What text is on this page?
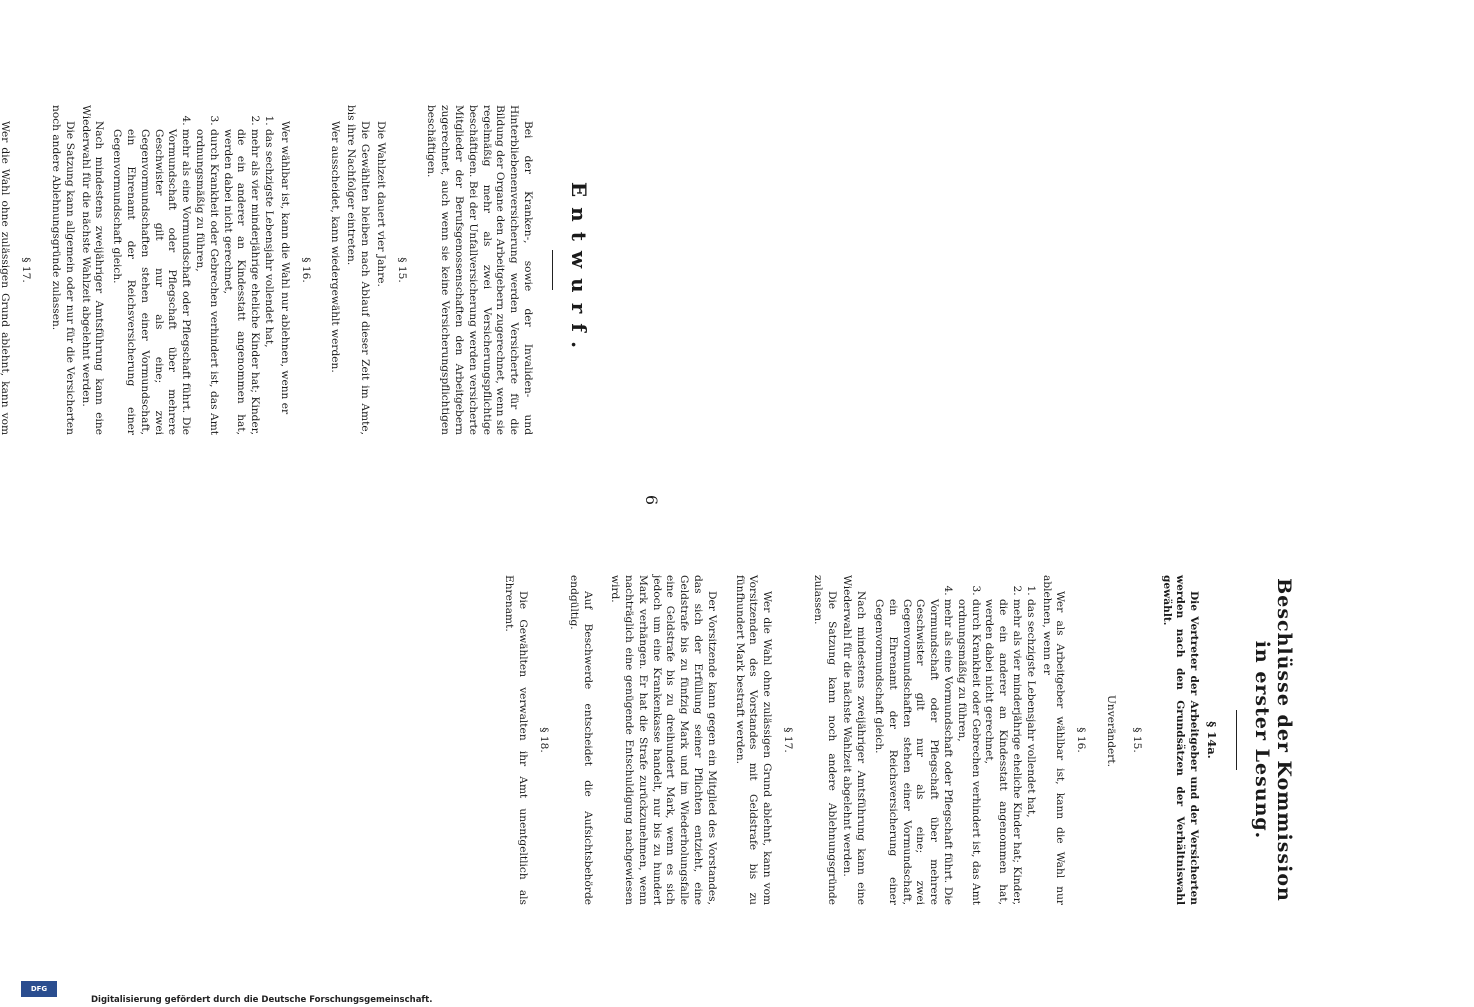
6
Entwurf.

Bei der Kranken-, sowie der Invaliden- und Hinterbliebenenversicherung werden Versicherte für die Bildung der Organe den Arbeitgebern zugerechnet, wenn sie regelmäßig mehr als zwei Versicherungspflichtige beschäftigen. Bei der Unfallversicherung werden versicherte Mitglieder der Berufsgenossenschaften den Arbeitgebern zugerechnet, auch wenn sie keine Versicherungspflichtigen beschäftigen.

§ 15.

Die Wahlzeit dauert vier Jahre.

Die Gewählten bleiben nach Ablauf dieser Zeit im Amte, bis ihre Nachfolger eintreten.

Wer ausscheidet, kann wiedergewählt werden.

§ 16.

Wer wählbar ist, kann die Wahl nur ablehnen, wenn er

1. das sechzigste Lebensjahr vollendet hat,
2. mehr als vier minderjährige eheliche Kinder hat; Kinder, die ein anderer an Kindesstatt angenommen hat, werden dabei nicht gerechnet,
3. durch Krankheit oder Gebrechen verhindert ist, das Amt ordnungsmäßig zu führen,
4. mehr als eine Vormundschaft oder Pflegschaft führt. Die Vormundschaft oder Pflegschaft über mehrere Geschwister gilt nur als eine; zwei Gegenvormundschaften stehen einer Vormundschaft, ein Ehrenamt der Reichsversicherung einer Gegenvormundschaft gleich.

Nach mindestens zweijähriger Amtsführung kann eine Wiederwahl für die nächste Wahlzeit abgelehnt werden.

Die Satzung kann allgemein oder nur für die Versicherten noch andere Ablehnungsgründe zulassen.

§ 17.

Wer die Wahl ohne zulässigen Grund ablehnt, kann vom

Beschlüsse der Kommission in erster Lesung.

§ 14a.

Die Vertreter der Arbeitgeber und der Versicherten werden nach den Grundsätzen der Verhältniswahl gewählt.

§ 15.

Unverändert.

§ 16.

Wer als Arbeitgeber wählbar ist, kann die Wahl nur ablehnen, wenn er

1. das sechzigste Lebensjahr vollendet hat,
2. mehr als vier minderjährige eheliche Kinder hat; Kinder, die ein anderer an Kindesstatt angenommen hat, werden dabei nicht gerechnet,
3. durch Krankheit oder Gebrechen verhindert ist, das Amt ordnungsmäßig zu führen,
4. mehr als eine Vormundschaft oder Pflegschaft führt. Die Vormundschaft oder Pflegschaft über mehrere Geschwister gilt nur als eine; zwei Gegenvormundschaften stehen einer Vormundschaft, ein Ehrenamt der Reichsversicherung einer Gegenvormundschaft gleich.

Nach mindestens zweijähriger Amtsführung kann eine Wiederwahl für die nächste Wahlzeit abgelehnt werden.

Die Satzung kann noch andere Ablehnungsgründe zulassen.

§ 17.

Wer die Wahl ohne zulässigen Grund ablehnt, kann vom Vorsitzenden des Vorstandes mit Geldstrafe bis zu fünfhundert Mark bestraft werden.

Der Vorsitzende kann gegen ein Mitglied des Vorstandes, das sich der Erfüllung seiner Pflichten entzieht, eine Geldstrafe bis zu fünfzig Mark und im Wiederholungsfalle eine Geldstrafe bis zu dreihundert Mark, wenn es sich jedoch um eine Krankenkasse handelt, nur bis zu hundert Mark verhängen. Er hat die Strafe zurückzunehmen, wenn nachträglich eine genügende Entschuldigung nachgewiesen wird.

Auf Beschwerde entscheidet die Aufsichtsbehörde endgültig.

§ 18.

Die Gewählten verwalten ihr Amt unentgeltlich als Ehrenamt.

Digitalisierung gefördert durch die Deutsche Forschungsgemeinschaft.
DFG
